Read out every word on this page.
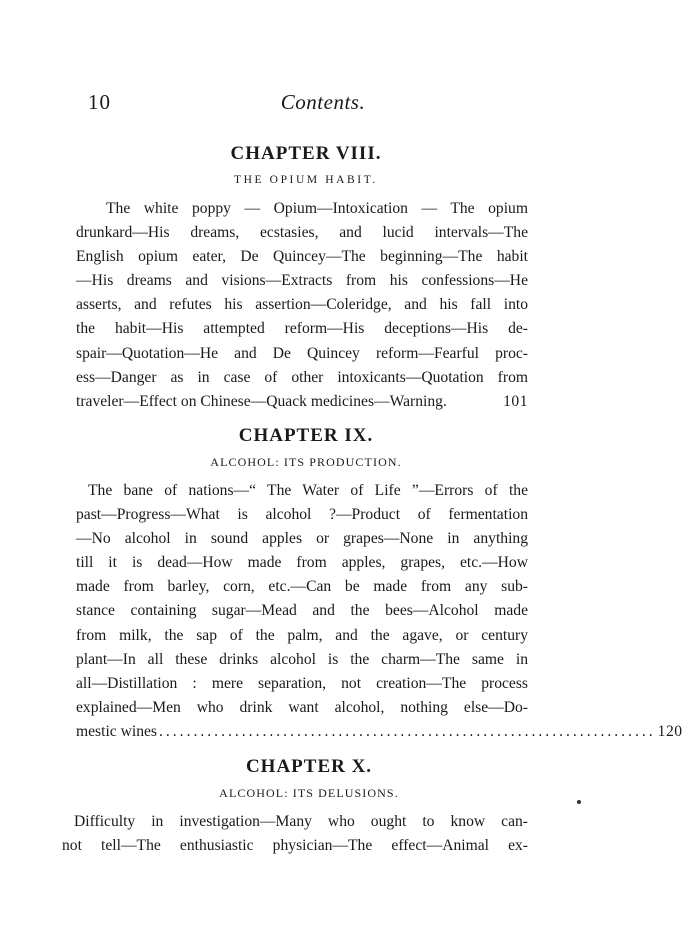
10	Contents.
CHAPTER VIII.
THE OPIUM HABIT.
The white poppy — Opium—Intoxication — The opium
drunkard—His dreams, ecstasies, and lucid intervals—The
English opium eater, De Quincey—The beginning—The habit
—His dreams and visions—Extracts from his confessions—He
asserts, and refutes his assertion—Coleridge, and his fall into
the habit—His attempted reform—His deceptions—His de-
spair—Quotation—He and De Quincey reform—Fearful proc-
ess—Danger as in case of other intoxicants—Quotation from
traveler—Effect on Chinese—Quack medicines—Warning.	101
CHAPTER IX.
ALCOHOL: ITS PRODUCTION.
The bane of nations—“ The Water of Life ”—Errors of the
past—Progress—What is alcohol ?—Product of fermentation
—No alcohol in sound apples or grapes—None in anything
till it is dead—How made from apples, grapes, etc.—How
made from barley, corn, etc.—Can be made from any sub-
stance containing sugar—Mead and the bees—Alcohol made
from milk, the sap of the palm, and the agave, or century
plant—In all these drinks alcohol is the charm—The same in
all—Distillation : mere separation, not creation—The process
explained—Men who drink want alcohol, nothing else—Do-
mestic wines ........................................................................ 120
CHAPTER X.
ALCOHOL: ITS DELUSIONS.
Difficulty in investigation—Many who ought to know can-
not tell—The enthusiastic physician—The effect—Animal ex-
